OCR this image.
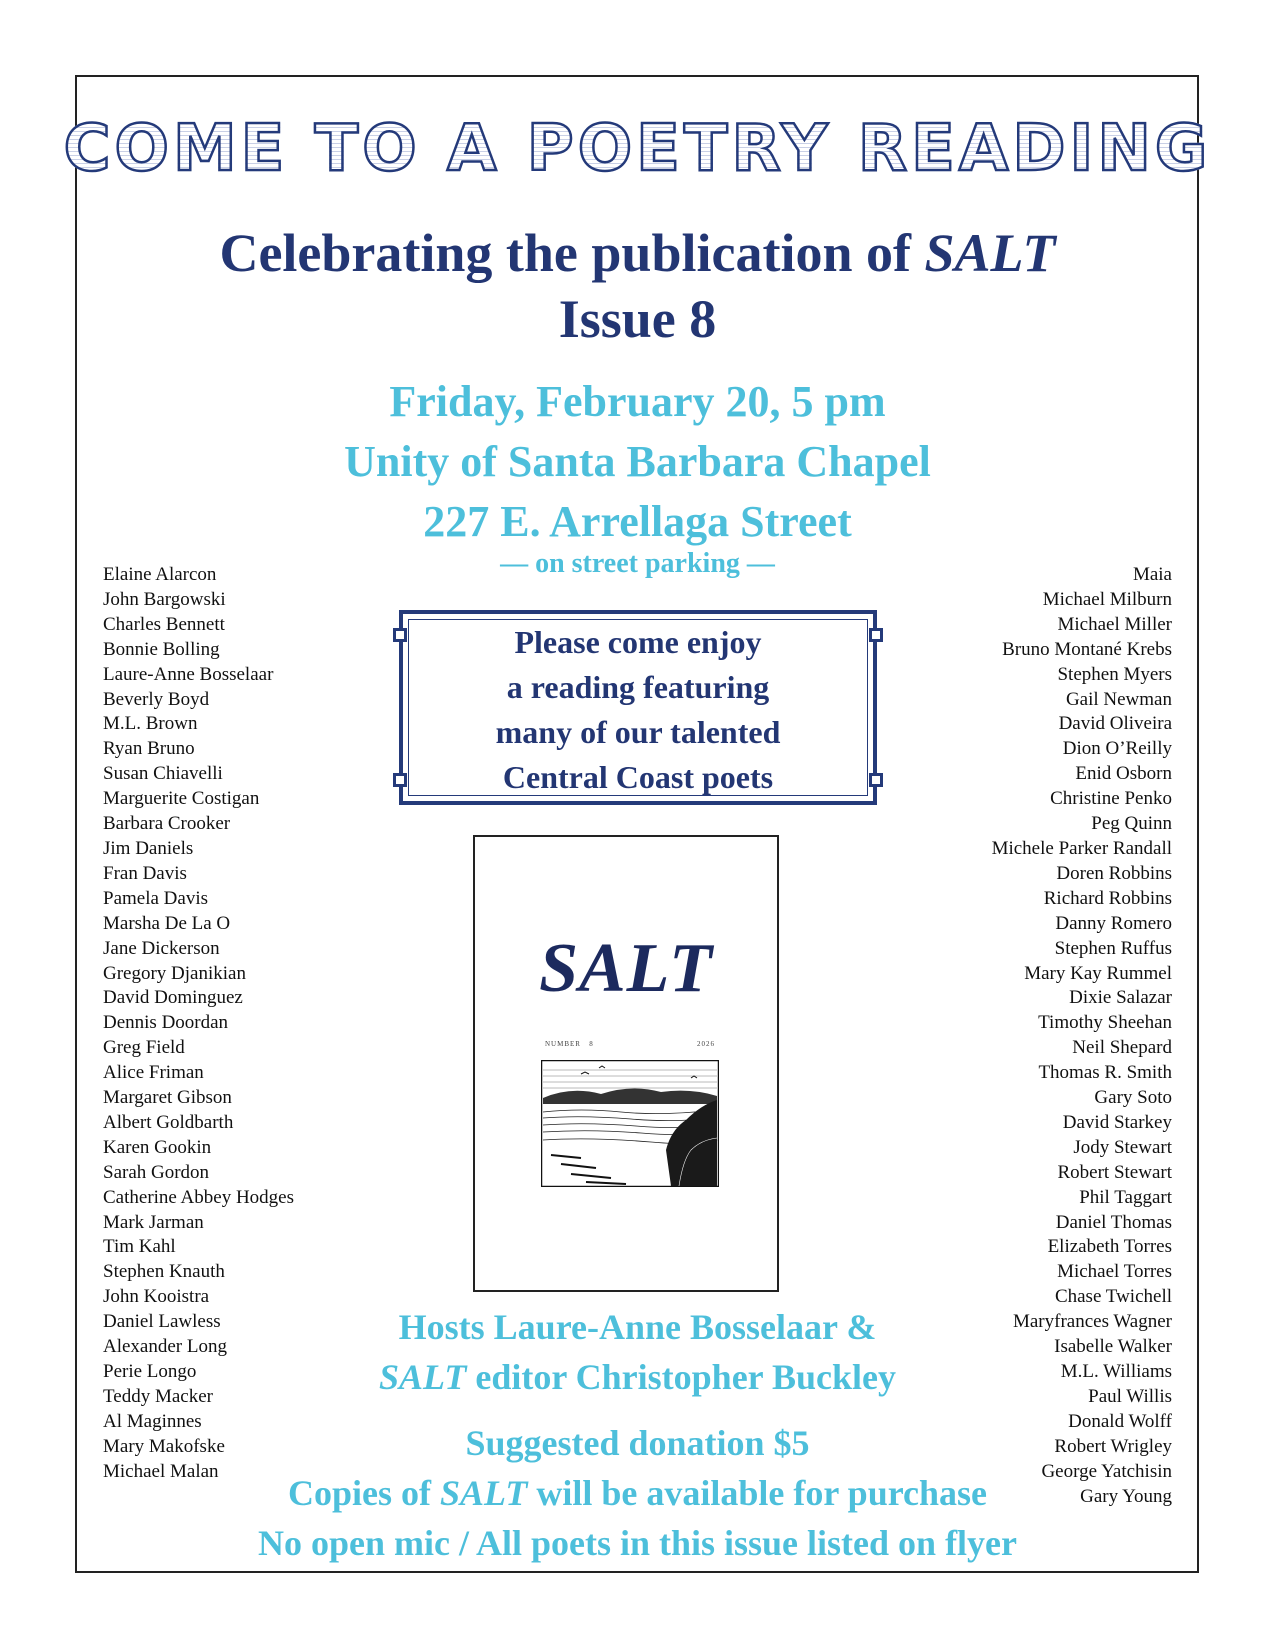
COME TO A POETRY READING
Celebrating the publication of SALT
Issue 8
Friday, February 20, 5 pm
Unity of Santa Barbara Chapel
227 E. Arrellaga Street
— on street parking —
Elaine Alarcon
John Bargowski
Charles Bennett
Bonnie Bolling
Laure-Anne Bosselaar
Beverly Boyd
M.L. Brown
Ryan Bruno
Susan Chiavelli
Marguerite Costigan
Barbara Crooker
Jim Daniels
Fran Davis
Pamela Davis
Marsha De La O
Jane Dickerson
Gregory Djanikian
David Dominguez
Dennis Doordan
Greg Field
Alice Friman
Margaret Gibson
Albert Goldbarth
Karen Gookin
Sarah Gordon
Catherine Abbey Hodges
Mark Jarman
Tim Kahl
Stephen Knauth
John Kooistra
Daniel Lawless
Alexander Long
Perie Longo
Teddy Macker
Al Maginnes
Mary Makofske
Michael Malan
Maia
Michael Milburn
Michael Miller
Bruno Montané Krebs
Stephen Myers
Gail Newman
David Oliveira
Dion O’Reilly
Enid Osborn
Christine Penko
Peg Quinn
Michele Parker Randall
Doren Robbins
Richard Robbins
Danny Romero
Stephen Ruffus
Mary Kay Rummel
Dixie Salazar
Timothy Sheehan
Neil Shepard
Thomas R. Smith
Gary Soto
David Starkey
Jody Stewart
Robert Stewart
Phil Taggart
Daniel Thomas
Elizabeth Torres
Michael Torres
Chase Twichell
Maryfrances Wagner
Isabelle Walker
M.L. Williams
Paul Willis
Donald Wolff
Robert Wrigley
George Yatchisin
Gary Young
Please come enjoy
a reading featuring
many of our talented
Central Coast poets
SALT
NUMBER 8	2026
Hosts Laure-Anne Bosselaar &
SALT editor Christopher Buckley
Suggested donation $5
Copies of SALT will be available for purchase
No open mic / All poets in this issue listed on flyer
